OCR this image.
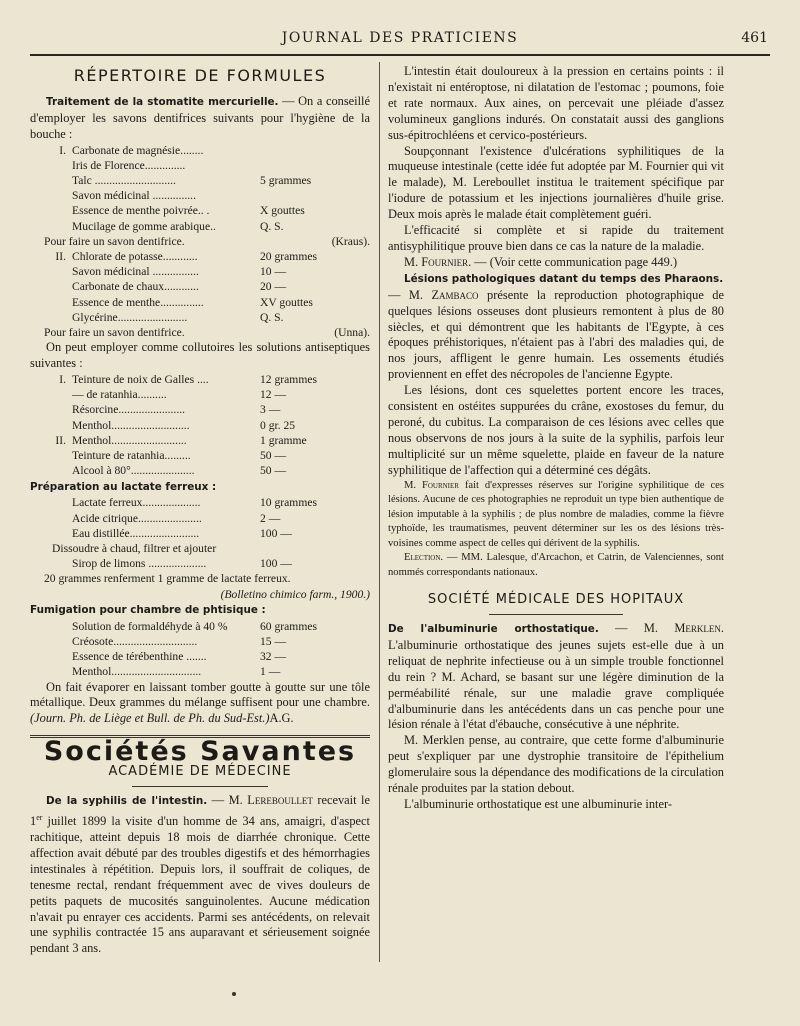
JOURNAL DES PRATICIENS	461
RÉPERTOIRE DE FORMULES

Traitement de la stomatite mercurielle. — On a conseillé d'employer les savons dentifrices suivants pour l'hygiène de la bouche :

I. Carbonate de magnésie........
Iris de Florence..............
Talc ............................	5 grammes
Savon médicinal ...............
Essence de menthe poivrée.. .	X gouttes
Mucilage de gomme arabique..	Q. S.
Pour faire un savon dentifrice.	(Kraus).
II. Chlorate de potasse............	20 grammes
Savon médicinal ................	10 —
Carbonate de chaux............	20 —
Essence de menthe...............	XV gouttes
Glycérine........................	Q. S.
Pour faire un savon dentifrice.	(Unna).

On peut employer comme collutoires les solutions antiseptiques suivantes :

I. Teinture de noix de Galles ....	12 grammes
— de ratanhia..........	12 —
Résorcine.......................	3 —
Menthol...........................	0 gr. 25
II. Menthol..........................	1 gramme
Teinture de ratanhia.........	50 —
Alcool à 80°......................	50 —

Préparation au lactate ferreux :

Lactate ferreux....................	10 grammes
Acide citrique......................	2 —
Eau distillée........................	100 —
Dissoudre à chaud, filtrer et ajouter
Sirop de limons ....................	100 —
20 grammes renferment 1 gramme de lactate ferreux.
(Bolletino chimico farm., 1900.)

Fumigation pour chambre de phtisique :

Solution de formaldéhyde à 40 %	60 grammes
Créosote.............................	15 —
Essence de térébenthine .......	32 —
Menthol...............................	1 —

On fait évaporer en laissant tomber goutte à goutte sur une tôle métallique. Deux grammes du mélange suffisent pour une chambre. (Journ. Ph. de Liège et Bull. de Ph. du Sud-Est.)A.G.

Sociétés Savantes
ACADÉMIE DE MÉDECINE

De la syphilis de l'intestin. — M. Lereboullet recevait le 1er juillet 1899 la visite d'un homme de 34 ans, amaigri, d'aspect rachitique, atteint depuis 18 mois de diarrhée chronique. Cette affection avait débuté par des troubles digestifs et des hémorrhagies intestinales à répétition. Depuis lors, il souffrait de coliques, de tenesme rectal, rendant fréquemment avec de vives douleurs de petits paquets de mucosités sanguinolentes. Aucune médication n'avait pu enrayer ces accidents. Parmi ses antécédents, on relevait une syphilis contractée 15 ans auparavant et sérieusement soignée pendant 3 ans.

L'intestin était douloureux à la pression en certains points : il n'existait ni entéroptose, ni dilatation de l'estomac ; poumons, foie et rate normaux. Aux aines, on percevait une pléiade d'assez volumineux ganglions indurés. On constatait aussi des ganglions sus-épitrochléens et cervico-postérieurs.

Soupçonnant l'existence d'ulcérations syphilitiques de la muqueuse intestinale (cette idée fut adoptée par M. Fournier qui vit le malade), M. Lereboullet institua le traitement spécifique par l'iodure de potassium et les injections journalières d'huile grise. Deux mois après le malade était complètement guéri.

L'efficacité si complète et si rapide du traitement antisyphilitique prouve bien dans ce cas la nature de la maladie.

M. Fournier. — (Voir cette communication page 449.)

Lésions pathologiques datant du temps des Pharaons.

— M. Zambaco présente la reproduction photographique de quelques lésions osseuses dont plusieurs remontent à plus de 80 siècles, et qui démontrent que les habitants de l'Egypte, à ces époques préhistoriques, n'étaient pas à l'abri des maladies qui, de nos jours, affligent le genre humain. Les ossements étudiés proviennent en effet des nécropoles de l'ancienne Egypte.

Les lésions, dont ces squelettes portent encore les traces, consistent en ostéites suppurées du crâne, exostoses du femur, du peroné, du cubitus. La comparaison de ces lésions avec celles que nous observons de nos jours à la suite de la syphilis, parfois leur multiplicité sur un même squelette, plaide en faveur de la nature syphilitique de l'affection qui a déterminé ces dégâts.

M. Fournier fait d'expresses réserves sur l'origine syphilitique de ces lésions. Aucune de ces photographies ne reproduit un type bien authentique de lésion imputable à la syphilis ; de plus nombre de maladies, comme la fièvre typhoïde, les traumatismes, peuvent déterminer sur les os des lésions très-voisines comme aspect de celles qui dérivent de la syphilis.

Election. — MM. Lalesque, d'Arcachon, et Catrin, de Valenciennes, sont nommés correspondants nationaux.

SOCIÉTÉ MÉDICALE DES HOPITAUX

De l'albuminurie orthostatique. — M. Merklen. L'albuminurie orthostatique des jeunes sujets est-elle due à un reliquat de nephrite infectieuse ou à un simple trouble fonctionnel du rein ? M. Achard, se basant sur une légère diminution de la perméabilité rénale, sur une maladie grave compliquée d'albuminurie dans les antécédents dans un cas penche pour une lésion rénale à l'état d'ébauche, consécutive à une néphrite.

M. Merklen pense, au contraire, que cette forme d'albuminurie peut s'expliquer par une dystrophie transitoire de l'épithelium glomerulaire sous la dépendance des modifications de la circulation rénale produites par la station debout.

L'albuminurie orthostatique est une albuminurie inter-
